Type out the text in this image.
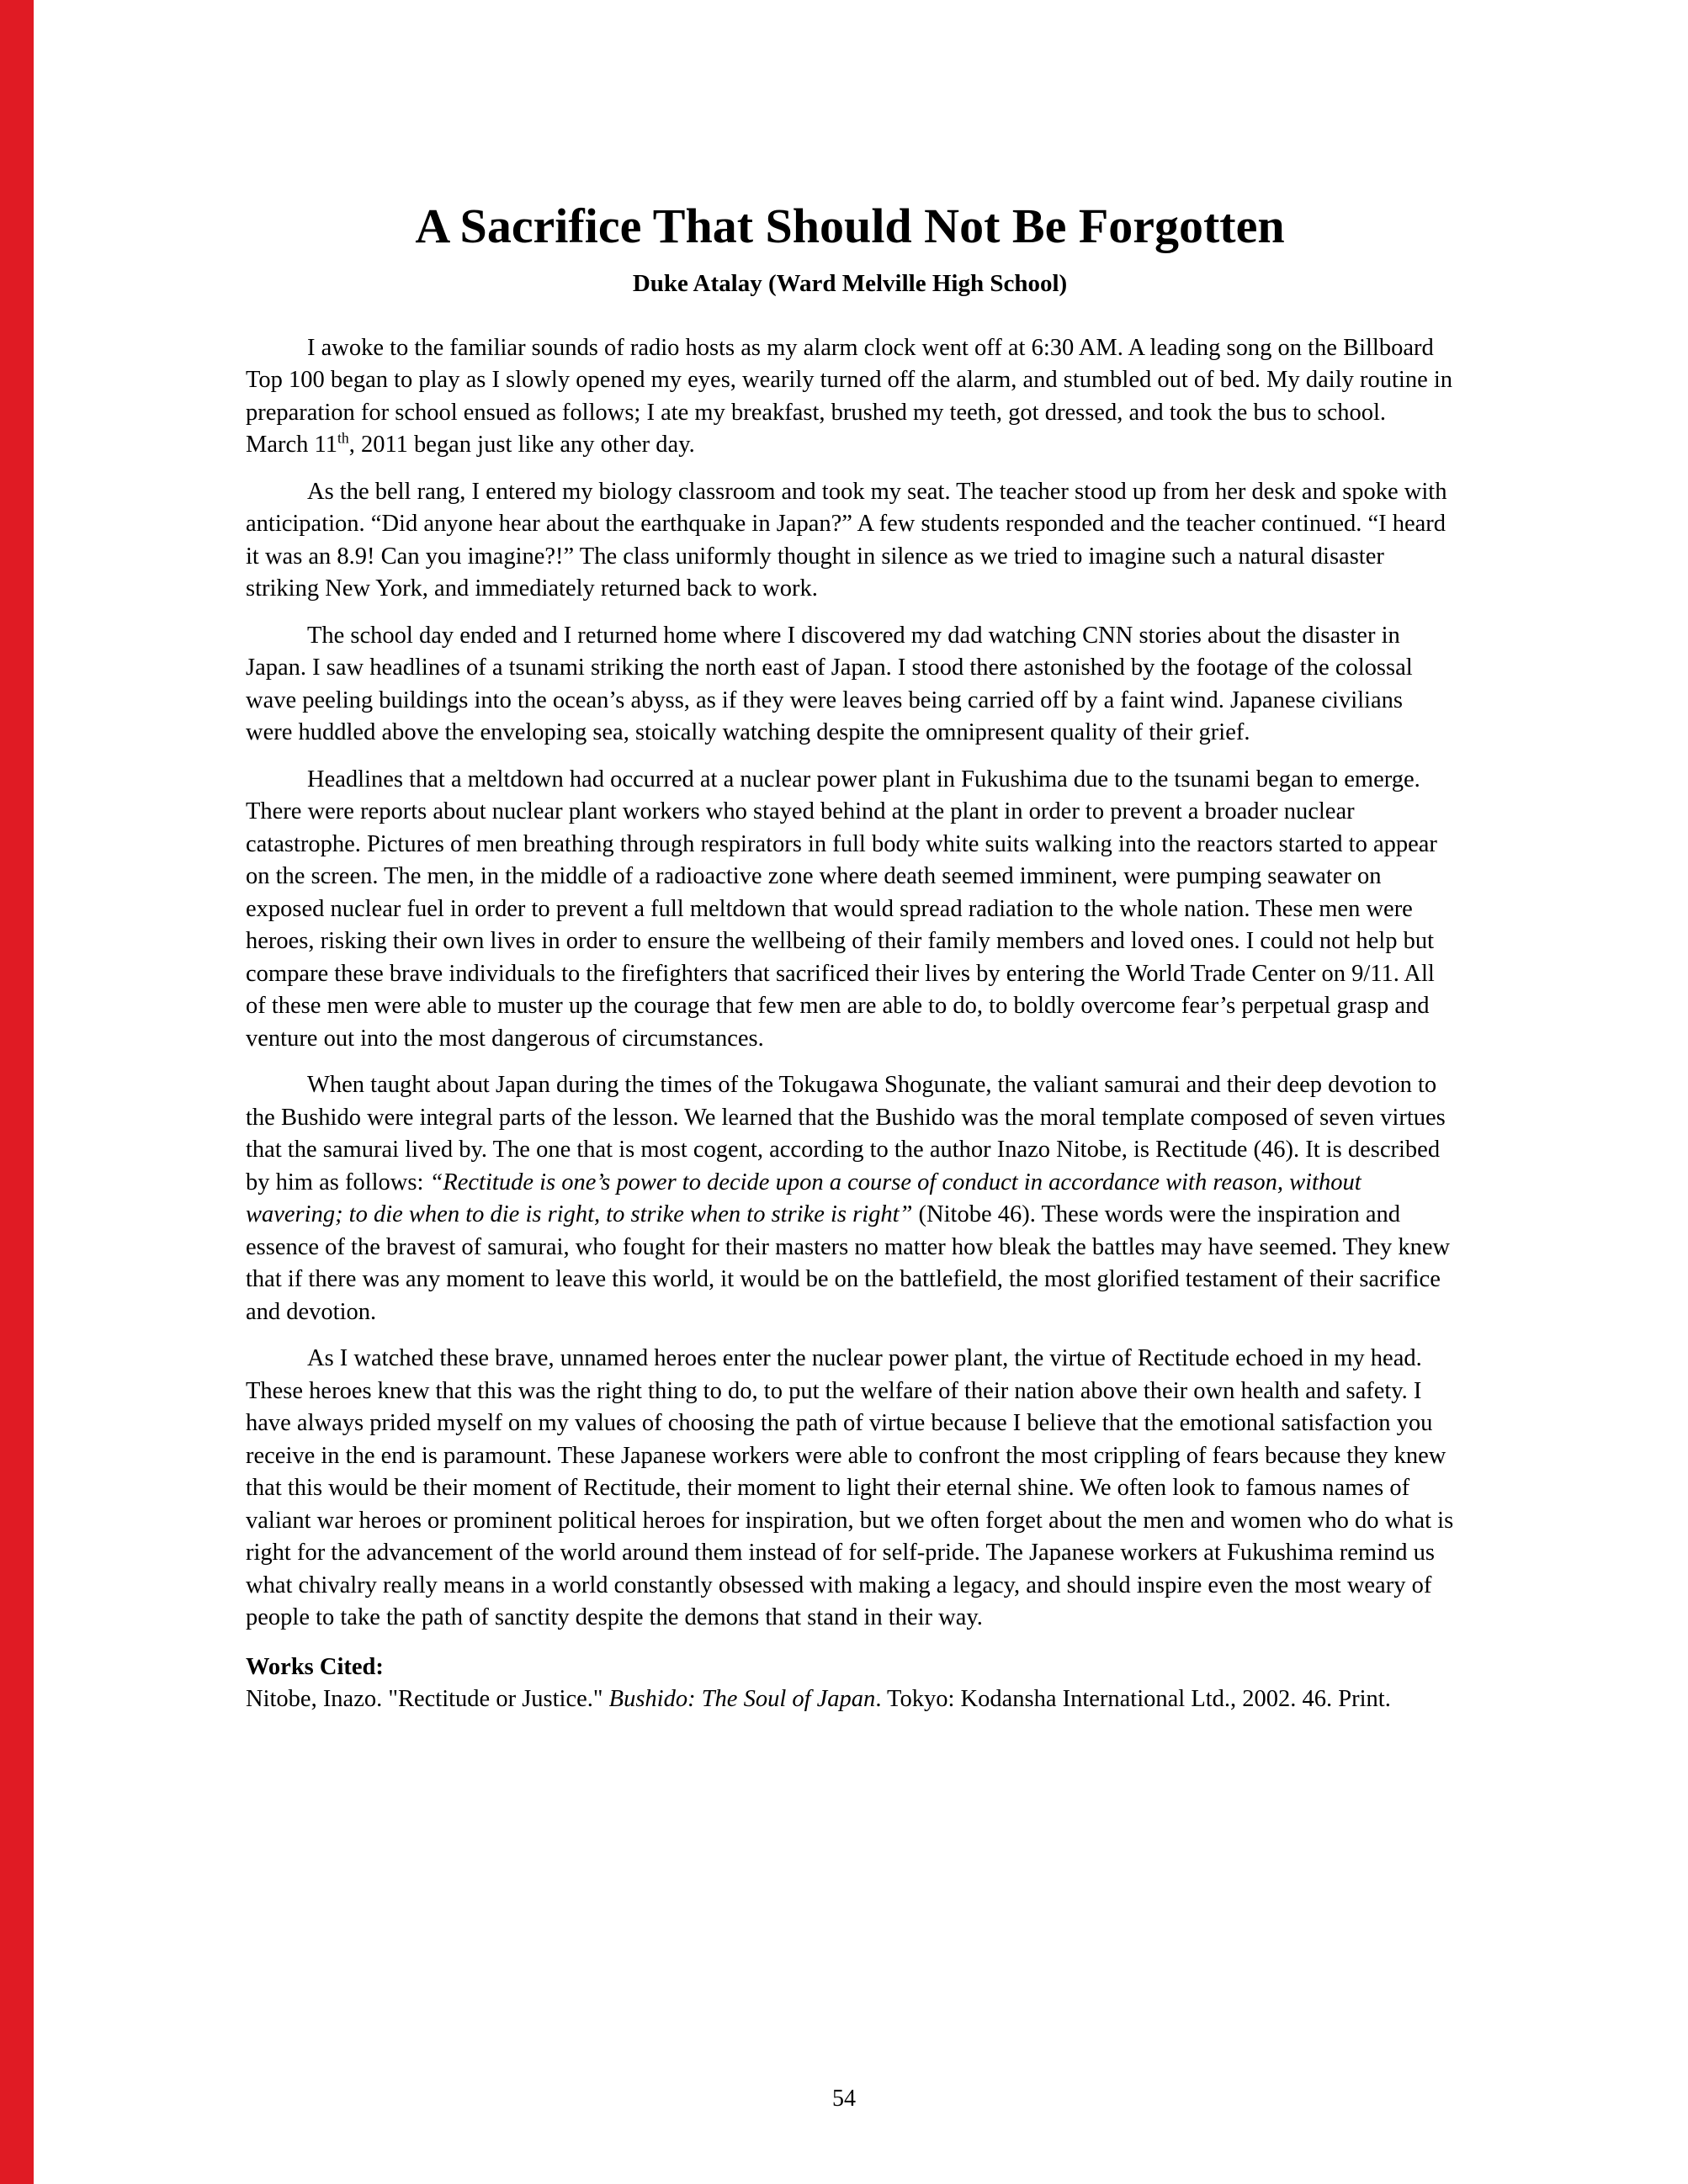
A Sacrifice That Should Not Be Forgotten
Duke Atalay (Ward Melville High School)

I awoke to the familiar sounds of radio hosts as my alarm clock went off at 6:30 AM. A leading song on the Billboard Top 100 began to play as I slowly opened my eyes, wearily turned off the alarm, and stumbled out of bed. My daily routine in preparation for school ensued as follows; I ate my breakfast, brushed my teeth, got dressed, and took the bus to school. March 11th, 2011 began just like any other day.

As the bell rang, I entered my biology classroom and took my seat. The teacher stood up from her desk and spoke with anticipation. “Did anyone hear about the earthquake in Japan?” A few students responded and the teacher continued. “I heard it was an 8.9! Can you imagine?!” The class uniformly thought in silence as we tried to imagine such a natural disaster striking New York, and immediately returned back to work.

The school day ended and I returned home where I discovered my dad watching CNN stories about the disaster in Japan. I saw headlines of a tsunami striking the north east of Japan. I stood there astonished by the footage of the colossal wave peeling buildings into the ocean’s abyss, as if they were leaves being carried off by a faint wind. Japanese civilians were huddled above the enveloping sea, stoically watching despite the omnipresent quality of their grief.

Headlines that a meltdown had occurred at a nuclear power plant in Fukushima due to the tsunami began to emerge. There were reports about nuclear plant workers who stayed behind at the plant in order to prevent a broader nuclear catastrophe. Pictures of men breathing through respirators in full body white suits walking into the reactors started to appear on the screen. The men, in the middle of a radioactive zone where death seemed imminent, were pumping seawater on exposed nuclear fuel in order to prevent a full meltdown that would spread radiation to the whole nation. These men were heroes, risking their own lives in order to ensure the wellbeing of their family members and loved ones. I could not help but compare these brave individuals to the firefighters that sacrificed their lives by entering the World Trade Center on 9/11. All of these men were able to muster up the courage that few men are able to do, to boldly overcome fear’s perpetual grasp and venture out into the most dangerous of circumstances.

When taught about Japan during the times of the Tokugawa Shogunate, the valiant samurai and their deep devotion to the Bushido were integral parts of the lesson. We learned that the Bushido was the moral template composed of seven virtues that the samurai lived by. The one that is most cogent, according to the author Inazo Nitobe, is Rectitude (46). It is described by him as follows: “Rectitude is one’s power to decide upon a course of conduct in accordance with reason, without wavering; to die when to die is right, to strike when to strike is right” (Nitobe 46). These words were the inspiration and essence of the bravest of samurai, who fought for their masters no matter how bleak the battles may have seemed. They knew that if there was any moment to leave this world, it would be on the battlefield, the most glorified testament of their sacrifice and devotion.

As I watched these brave, unnamed heroes enter the nuclear power plant, the virtue of Rectitude echoed in my head. These heroes knew that this was the right thing to do, to put the welfare of their nation above their own health and safety. I have always prided myself on my values of choosing the path of virtue because I believe that the emotional satisfaction you receive in the end is paramount. These Japanese workers were able to confront the most crippling of fears because they knew that this would be their moment of Rectitude, their moment to light their eternal shine. We often look to famous names of valiant war heroes or prominent political heroes for inspiration, but we often forget about the men and women who do what is right for the advancement of the world around them instead of for self-pride. The Japanese workers at Fukushima remind us what chivalry really means in a world constantly obsessed with making a legacy, and should inspire even the most weary of people to take the path of sanctity despite the demons that stand in their way.

Works Cited:

Nitobe, Inazo. "Rectitude or Justice." Bushido: The Soul of Japan. Tokyo: Kodansha International Ltd., 2002. 46. Print.

54
